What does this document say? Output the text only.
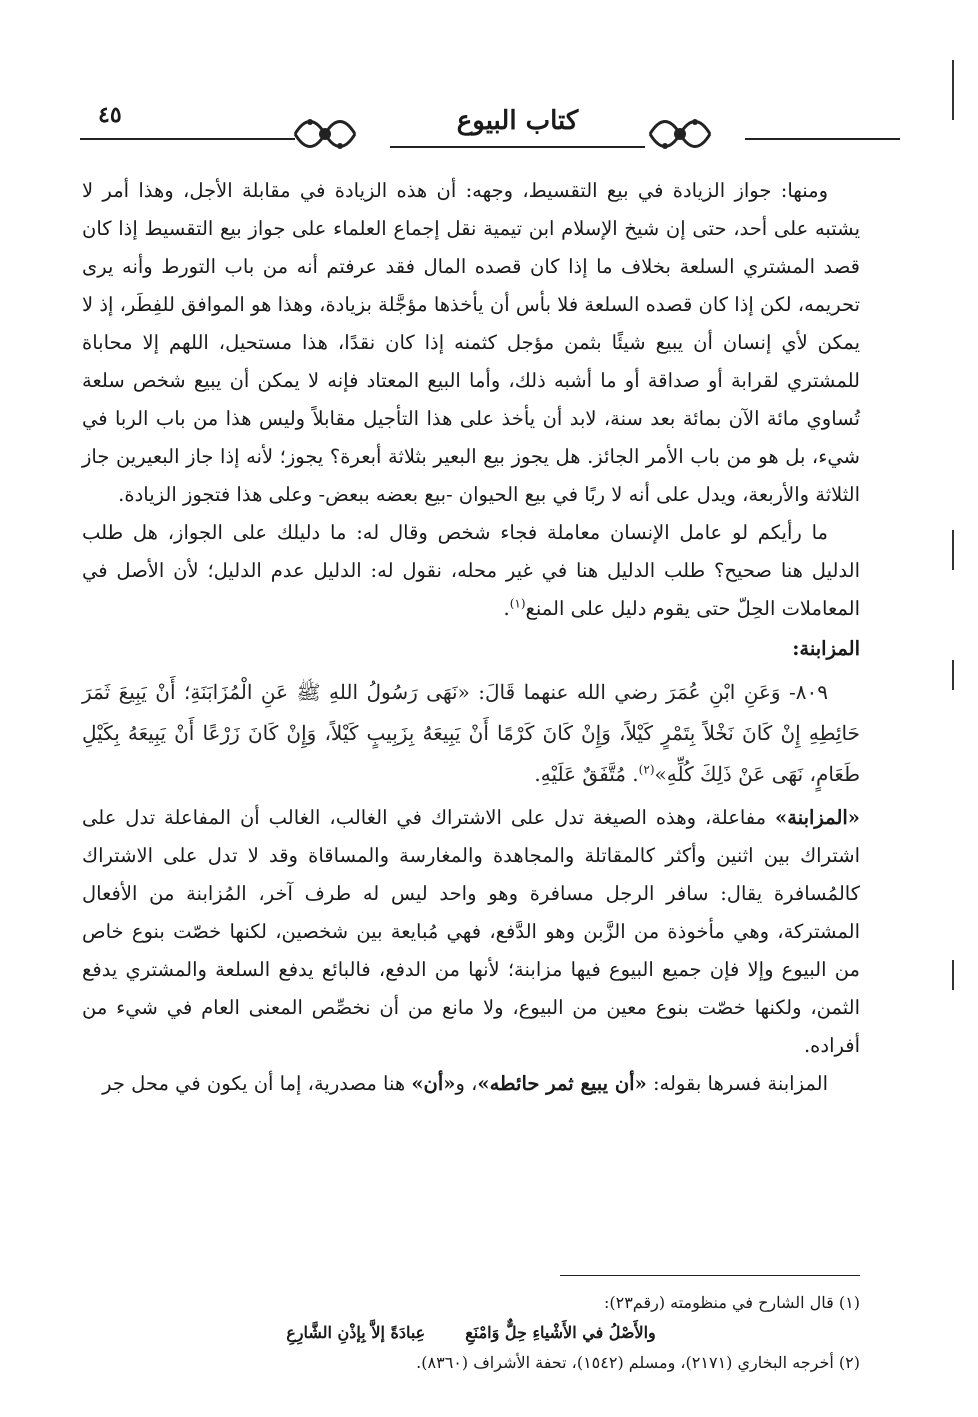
٤٥	كتاب البيوع

ومنها: جواز الزيادة في بيع التقسيط، وجهه: أن هذه الزيادة في مقابلة الأجل، وهذا أمر لا يشتبه على أحد، حتى إن شيخ الإسلام ابن تيمية نقل إجماع العلماء على جواز بيع التقسيط إذا كان قصد المشتري السلعة بخلاف ما إذا كان قصده المال فقد عرفتم أنه من باب التورط وأنه يرى تحريمه، لكن إذا كان قصده السلعة فلا بأس أن يأخذها مؤجَّلة بزيادة، وهذا هو الموافق للفِطَر، إذ لا يمكن لأي إنسان أن يبيع شيئًا بثمن مؤجل كثمنه إذا كان نقدًا، هذا مستحيل، اللهم إلا محاباة للمشتري لقرابة أو صداقة أو ما أشبه ذلك، وأما البيع المعتاد فإنه لا يمكن أن يبيع شخص سلعة تُساوي مائة الآن بمائة بعد سنة، لابد أن يأخذ على هذا التأجيل مقابلاً وليس هذا من باب الربا في شيء، بل هو من باب الأمر الجائز. هل يجوز بيع البعير بثلاثة أبعرة؟ يجوز؛ لأنه إذا جاز البعيرين جاز الثلاثة والأربعة، ويدل على أنه لا ربًا في بيع الحيوان -بيع بعضه ببعض- وعلى هذا فتجوز الزيادة.

ما رأيكم لو عامل الإنسان معاملة فجاء شخص وقال له: ما دليلك على الجواز، هل طلب الدليل هنا صحيح؟ طلب الدليل هنا في غير محله، نقول له: الدليل عدم الدليل؛ لأن الأصل في المعاملات الحِلّ حتى يقوم دليل على المنع$^{(١)}$.

المزابنة:

٨٠٩- وَعَنِ ابْنِ عُمَرَ رضي الله عنهما قَالَ: «نَهَى رَسُولُ اللهِ ﷺ عَنِ الْمُزَابَنَةِ؛ أَنْ يَبِيعَ ثَمَرَ حَائِطِهِ إِنْ كَانَ نَخْلاً بِتَمْرٍ كَيْلاً، وَإِنْ كَانَ كَرْمًا أَنْ يَبِيعَهُ بِزَبِيبٍ كَيْلاً، وَإِنْ كَانَ زَرْعًا أَنْ يَبِيعَهُ بِكَيْلِ طَعَامٍ، نَهَى عَنْ ذَلِكَ كُلِّهِ»$^{(٢)}$. مُتَّفَقٌ عَلَيْهِ.

«المزابنة» مفاعلة، وهذه الصيغة تدل على الاشتراك في الغالب، الغالب أن المفاعلة تدل على اشتراك بين اثنين وأكثر كالمقاتلة والمجاهدة والمغارسة والمساقاة وقد لا تدل على الاشتراك كالمُسافرة يقال: سافر الرجل مسافرة وهو واحد ليس له طرف آخر، المُزابنة من الأفعال المشتركة، وهي مأخوذة من الزَّبن وهو الدَّفع، فهي مُبايعة بين شخصين، لكنها خصّت بنوع خاص من البيوع وإلا فإن جميع البيوع فيها مزابنة؛ لأنها من الدفع، فالبائع يدفع السلعة والمشتري يدفع الثمن، ولكنها خصّت بنوع معين من البيوع، ولا مانع من أن نخصِّص المعنى العام في شيء من أفراده.

المزابنة فسرها بقوله: «أن يبيع ثمر حائطه»، و«أن» هنا مصدرية، إما أن يكون في محل جر

(١) قال الشارح في منظومته (رقم٢٣):

والأَصْلُ في الأَشْياءِ حِلٌّ وَامْنَعِ
عِبادَةً إلاَّ بِإذْنِ الشَّارِعِ

(٢) أخرجه البخاري (٢١٧١)، ومسلم (١٥٤٢)، تحفة الأشراف (٨٣٦٠).
